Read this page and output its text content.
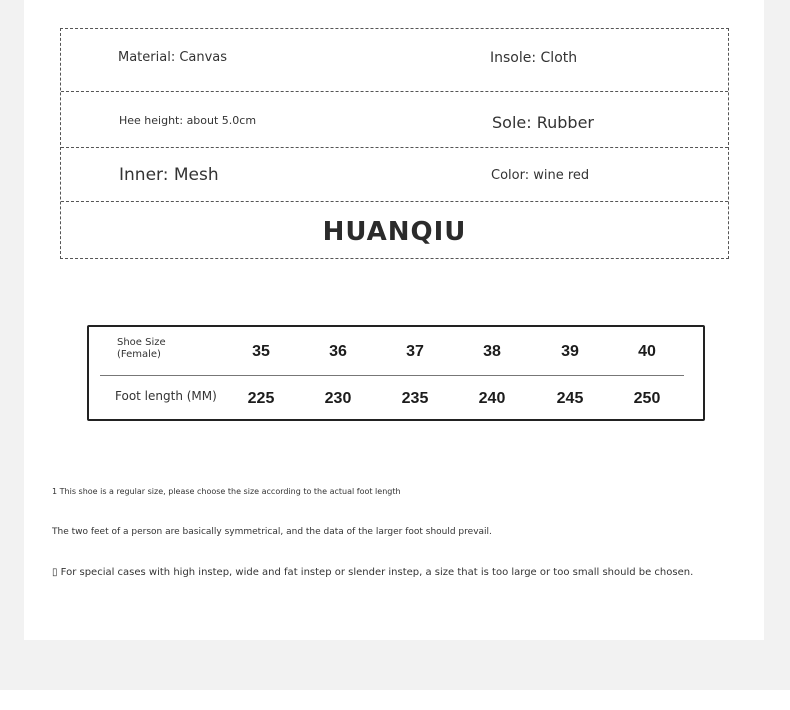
Material: Canvas	Insole: Cloth
Hee height: about 5.0cm	Sole: Rubber
Inner: Mesh	Color: wine red
HUANQIU
Shoe Size
(Female)	35	36	37	38	39	40
Foot length (MM)	225	230	235	240	245	250
1 This shoe is a regular size, please choose the size according to the actual foot length
The two feet of a person are basically symmetrical, and the data of the larger foot should prevail.
▯ For special cases with high instep, wide and fat instep or slender instep, a size that is too large or too small should be chosen.
